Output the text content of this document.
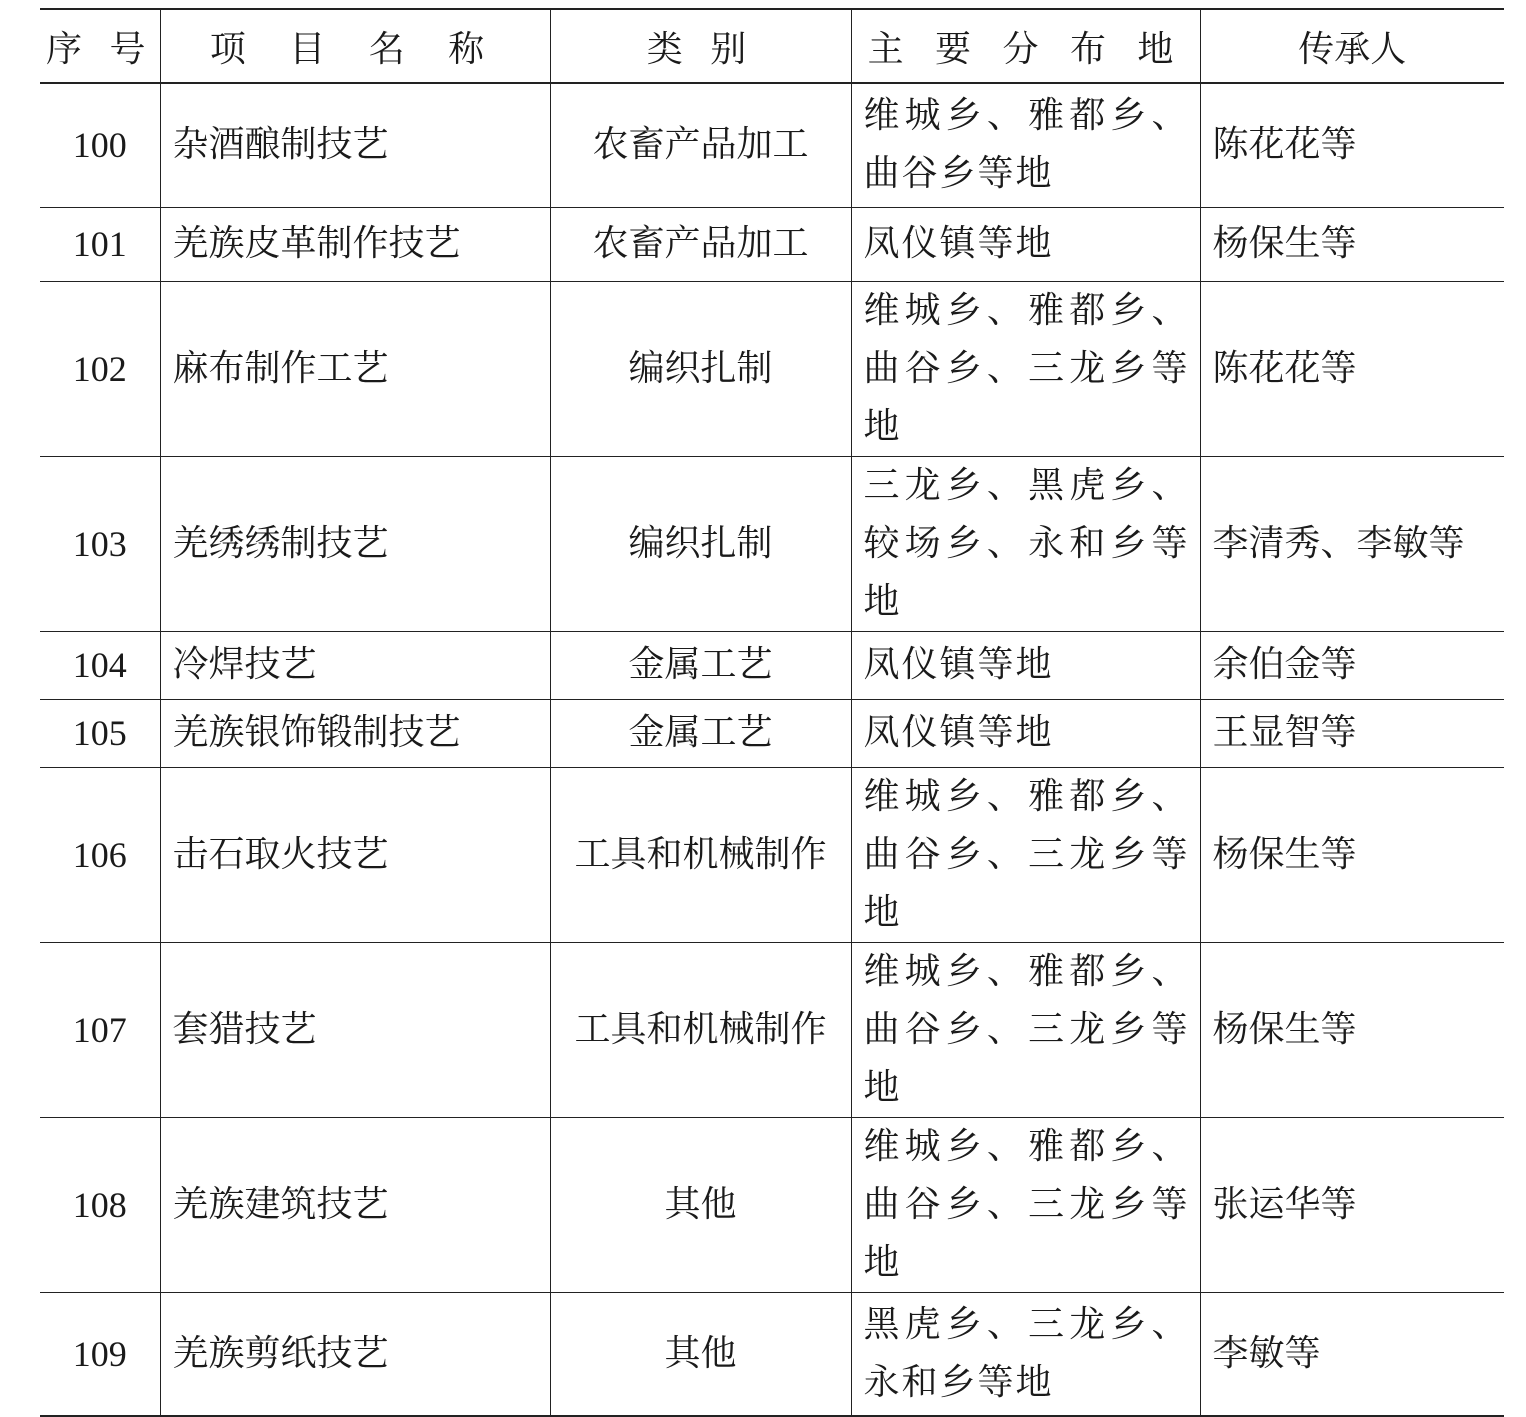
序 号	项 目 名 称	类 别	主 要 分 布 地	传承人
100	杂酒酿制技艺	农畜产品加工	维城乡、雅都乡、曲谷乡等地	陈花花等
101	羌族皮革制作技艺	农畜产品加工	凤仪镇等地	杨保生等
102	麻布制作工艺	编织扎制	维城乡、雅都乡、曲谷乡、三龙乡等地	陈花花等
103	羌绣绣制技艺	编织扎制	三龙乡、黑虎乡、较场乡、永和乡等地	李清秀、李敏等
104	冷焊技艺	金属工艺	凤仪镇等地	余伯金等
105	羌族银饰锻制技艺	金属工艺	凤仪镇等地	王显智等
106	击石取火技艺	工具和机械制作	维城乡、雅都乡、曲谷乡、三龙乡等地	杨保生等
107	套猎技艺	工具和机械制作	维城乡、雅都乡、曲谷乡、三龙乡等地	杨保生等
108	羌族建筑技艺	其他	维城乡、雅都乡、曲谷乡、三龙乡等地	张运华等
109	羌族剪纸技艺	其他	黑虎乡、三龙乡、永和乡等地	李敏等
